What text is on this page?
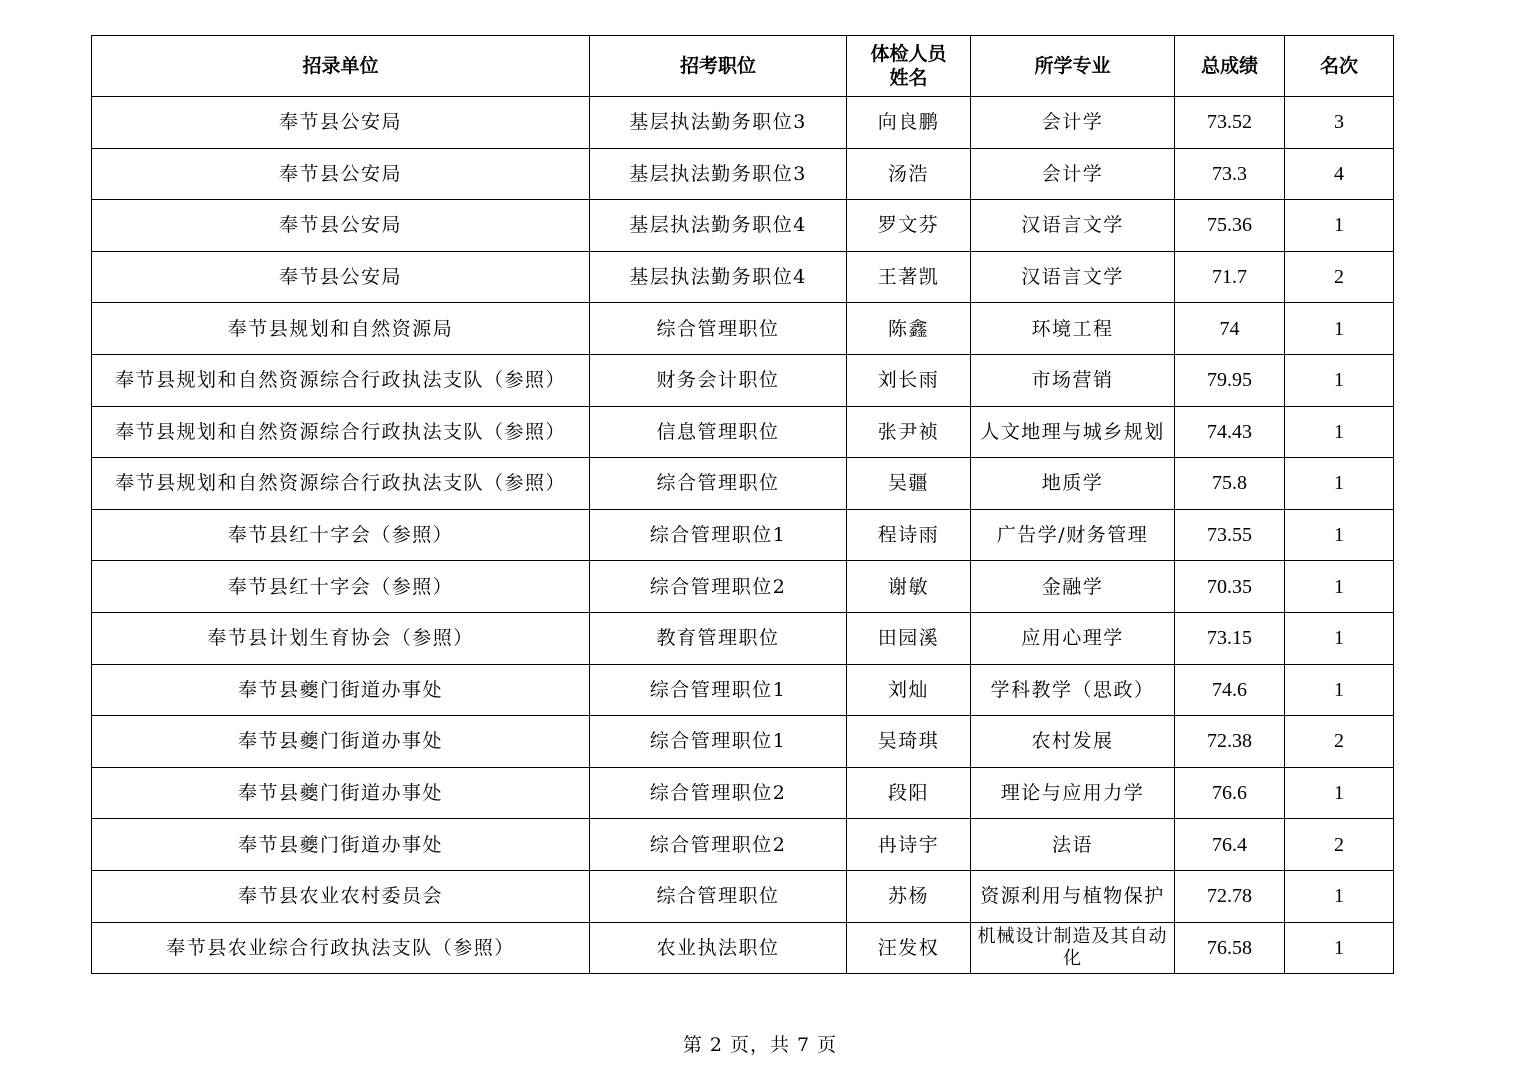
招录单位	招考职位	体检人员姓名	所学专业	总成绩	名次
奉节县公安局	基层执法勤务职位3	向良鹏	会计学	73.52	3
奉节县公安局	基层执法勤务职位3	汤浩	会计学	73.3	4
奉节县公安局	基层执法勤务职位4	罗文芬	汉语言文学	75.36	1
奉节县公安局	基层执法勤务职位4	王著凯	汉语言文学	71.7	2
奉节县规划和自然资源局	综合管理职位	陈鑫	环境工程	74	1
奉节县规划和自然资源综合行政执法支队（参照）	财务会计职位	刘长雨	市场营销	79.95	1
奉节县规划和自然资源综合行政执法支队（参照）	信息管理职位	张尹祯	人文地理与城乡规划	74.43	1
奉节县规划和自然资源综合行政执法支队（参照）	综合管理职位	吴疆	地质学	75.8	1
奉节县红十字会（参照）	综合管理职位1	程诗雨	广告学/财务管理	73.55	1
奉节县红十字会（参照）	综合管理职位2	谢敏	金融学	70.35	1
奉节县计划生育协会（参照）	教育管理职位	田园溪	应用心理学	73.15	1
奉节县夔门街道办事处	综合管理职位1	刘灿	学科教学（思政）	74.6	1
奉节县夔门街道办事处	综合管理职位1	吴琦琪	农村发展	72.38	2
奉节县夔门街道办事处	综合管理职位2	段阳	理论与应用力学	76.6	1
奉节县夔门街道办事处	综合管理职位2	冉诗宇	法语	76.4	2
奉节县农业农村委员会	综合管理职位	苏杨	资源利用与植物保护	72.78	1
奉节县农业综合行政执法支队（参照）	农业执法职位	汪发权	机械设计制造及其自动化	76.58	1
第 2 页，共 7 页
